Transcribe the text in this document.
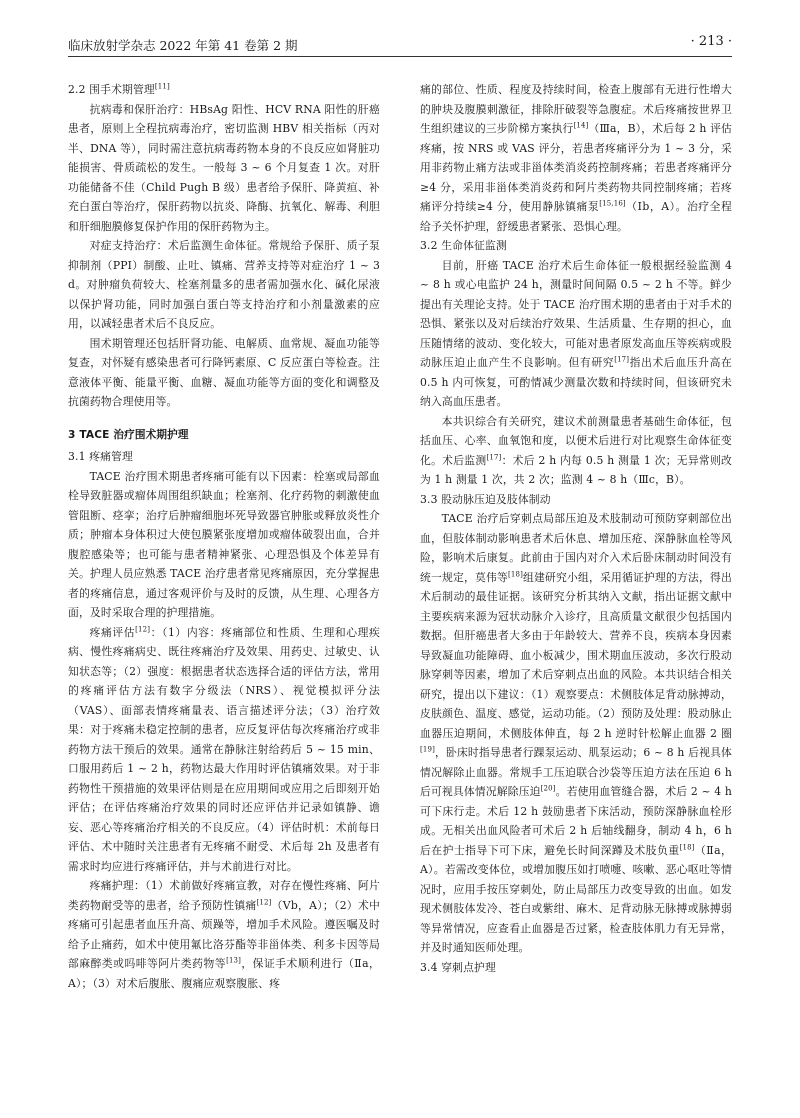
临床放射学杂志 2022 年第 41 卷第 2 期	· 213 ·
2.2 围手术期管理[11]

抗病毒和保肝治疗：HBsAg 阳性、HCV RNA 阳性的肝癌患者，原则上全程抗病毒治疗，密切监测 HBV 相关指标（丙对半、DNA 等），同时需注意抗病毒药物本身的不良反应如肾脏功能损害、骨质疏松的发生。一般每 3 ~ 6 个月复查 1 次。对肝功能储备不佳（Child Pugh B 级）患者给予保肝、降黄疸、补充白蛋白等治疗，保肝药物以抗炎、降酶、抗氧化、解毒、利胆和肝细胞膜修复保护作用的保肝药物为主。

对症支持治疗：术后监测生命体征。常规给予保肝、质子泵抑制剂（PPI）制酸、止吐、镇痛、营养支持等对症治疗 1 ~ 3 d。对肿瘤负荷较大、栓塞剂量多的患者需加强水化、碱化尿液以保护肾功能，同时加强白蛋白等支持治疗和小剂量激素的应用，以减轻患者术后不良反应。

围术期管理还包括肝肾功能、电解质、血常规、凝血功能等复查，对怀疑有感染患者可行降钙素原、C 反应蛋白等检查。注意液体平衡、能量平衡、血糖、凝血功能等方面的变化和调整及抗菌药物合理使用等。

3 TACE 治疗围术期护理
3.1 疼痛管理

TACE 治疗围术期患者疼痛可能有以下因素：栓塞或局部血栓导致脏器或瘤体周围组织缺血；栓塞剂、化疗药物的刺激使血管阻断、痉挛；治疗后肿瘤细胞坏死导致器官肿胀或释放炎性介质；肿瘤本身体积过大使包膜紧张度增加或瘤体破裂出血，合并腹腔感染等；也可能与患者精神紧张、心理恐惧及个体差异有关。护理人员应熟悉 TACE 治疗患者常见疼痛原因，充分掌握患者的疼痛信息，通过客观评价与及时的反馈，从生理、心理各方面，及时采取合理的护理措施。

疼痛评估[12]：（1）内容：疼痛部位和性质、生理和心理疾病、慢性疼痛病史、既往疼痛治疗及效果、用药史、过敏史、认知状态等；（2）强度：根据患者状态选择合适的评估方法，常用的疼痛评估方法有数字分级法（NRS）、视觉模拟评分法（VAS）、面部表情疼痛量表、语言描述评分法；（3）治疗效果：对于疼痛未稳定控制的患者，应反复评估每次疼痛治疗或非药物方法干预后的效果。通常在静脉注射给药后 5 ~ 15 min、口服用药后 1 ~ 2 h，药物达最大作用时评估镇痛效果。对于非药物性干预措施的效果评估则是在应用期间或应用之后即刻开始评估；在评估疼痛治疗效果的同时还应评估并记录如镇静、谵妄、恶心等疼痛治疗相关的不良反应。（4）评估时机：术前每日评估、术中随时关注患者有无疼痛不耐受、术后每 2h 及患者有需求时均应进行疼痛评估，并与术前进行对比。

疼痛护理：（1）术前做好疼痛宣教，对存在慢性疼痛、阿片类药物耐受等的患者，给予预防性镇痛[12]（Ⅴb，A）；（2）术中疼痛可引起患者血压升高、烦躁等，增加手术风险。遵医嘱及时给予止痛药，如术中使用氟比洛芬酯等非甾体类、利多卡因等局部麻醉类或吗啡等阿片类药物等[13]，保证手术顺利进行（Ⅱa，A）；（3）对术后腹胀、腹痛应观察腹胀、疼

痛的部位、性质、程度及持续时间，检查上腹部有无进行性增大的肿块及腹膜刺激征，排除肝破裂等急腹症。术后疼痛按世界卫生组织建议的三步阶梯方案执行[14]（Ⅲa，B），术后每 2 h 评估疼痛，按 NRS 或 VAS 评分，若患者疼痛评分为 1 ~ 3 分，采用非药物止痛方法或非甾体类消炎药控制疼痛；若患者疼痛评分≥4 分，采用非甾体类消炎药和阿片类药物共同控制疼痛；若疼痛评分持续≥4 分，使用静脉镇痛泵[15,16]（Ⅰb，A）。治疗全程给予关怀护理，舒缓患者紧张、恐惧心理。

3.2 生命体征监测

目前，肝癌 TACE 治疗术后生命体征一般根据经验监测 4 ~ 8 h 或心电监护 24 h，测量时间间隔 0.5 ~ 2 h 不等。鲜少提出有关理论支持。处于 TACE 治疗围术期的患者由于对手术的恐惧、紧张以及对后续治疗效果、生活质量、生存期的担心，血压随情绪的波动、变化较大，可能对患者原发高血压等疾病或股动脉压迫止血产生不良影响。但有研究[17]指出术后血压升高在 0.5 h 内可恢复，可酌情减少测量次数和持续时间，但该研究未纳入高血压患者。

本共识综合有关研究，建议术前测量患者基础生命体征，包括血压、心率、血氧饱和度，以便术后进行对比观察生命体征变化。术后监测[17]：术后 2 h 内每 0.5 h 测量 1 次；无异常则改为 1 h 测量 1 次，共 2 次；监测 4 ~ 8 h（Ⅲc，B）。

3.3 股动脉压迫及肢体制动

TACE 治疗后穿刺点局部压迫及术肢制动可预防穿刺部位出血，但肢体制动影响患者术后休息、增加压疮、深静脉血栓等风险，影响术后康复。此前由于国内对介入术后卧床制动时间没有统一规定，莫伟等[18]组建研究小组，采用循证护理的方法，得出术后制动的最佳证据。该研究分析其纳入文献，指出证据文献中主要疾病来源为冠状动脉介入诊疗，且高质量文献很少包括国内数据。但肝癌患者大多由于年龄较大、营养不良，疾病本身因素导致凝血功能障碍、血小板减少，围术期血压波动，多次行股动脉穿刺等因素，增加了术后穿刺点出血的风险。本共识结合相关研究，提出以下建议：（1）观察要点：术侧肢体足背动脉搏动，皮肤颜色、温度、感觉，运动功能。（2）预防及处理：股动脉止血器压迫期间，术侧肢体伸直，每 2 h 逆时针松解止血器 2 圈[19]，卧床时指导患者行踝泵运动、肌泵运动；6 ~ 8 h 后视具体情况解除止血器。常规手工压迫联合沙袋等压迫方法在压迫 6 h 后可视具体情况解除压迫[20]。若使用血管缝合器，术后 2 ~ 4 h 可下床行走。术后 12 h 鼓励患者下床活动，预防深静脉血栓形成。无相关出血风险者可术后 2 h 后轴线翻身，制动 4 h，6 h 后在护士指导下可下床，避免长时间深蹲及术肢负重[18]（Ⅱa，A）。若需改变体位，或增加腹压如打喷嚏、咳嗽、恶心呕吐等情况时，应用手按压穿刺处，防止局部压力改变导致的出血。如发现术侧肢体发冷、苍白或紫绀、麻木、足背动脉无脉搏或脉搏弱等异常情况，应查看止血器是否过紧，检查肢体肌力有无异常，并及时通知医师处理。

3.4 穿刺点护理
